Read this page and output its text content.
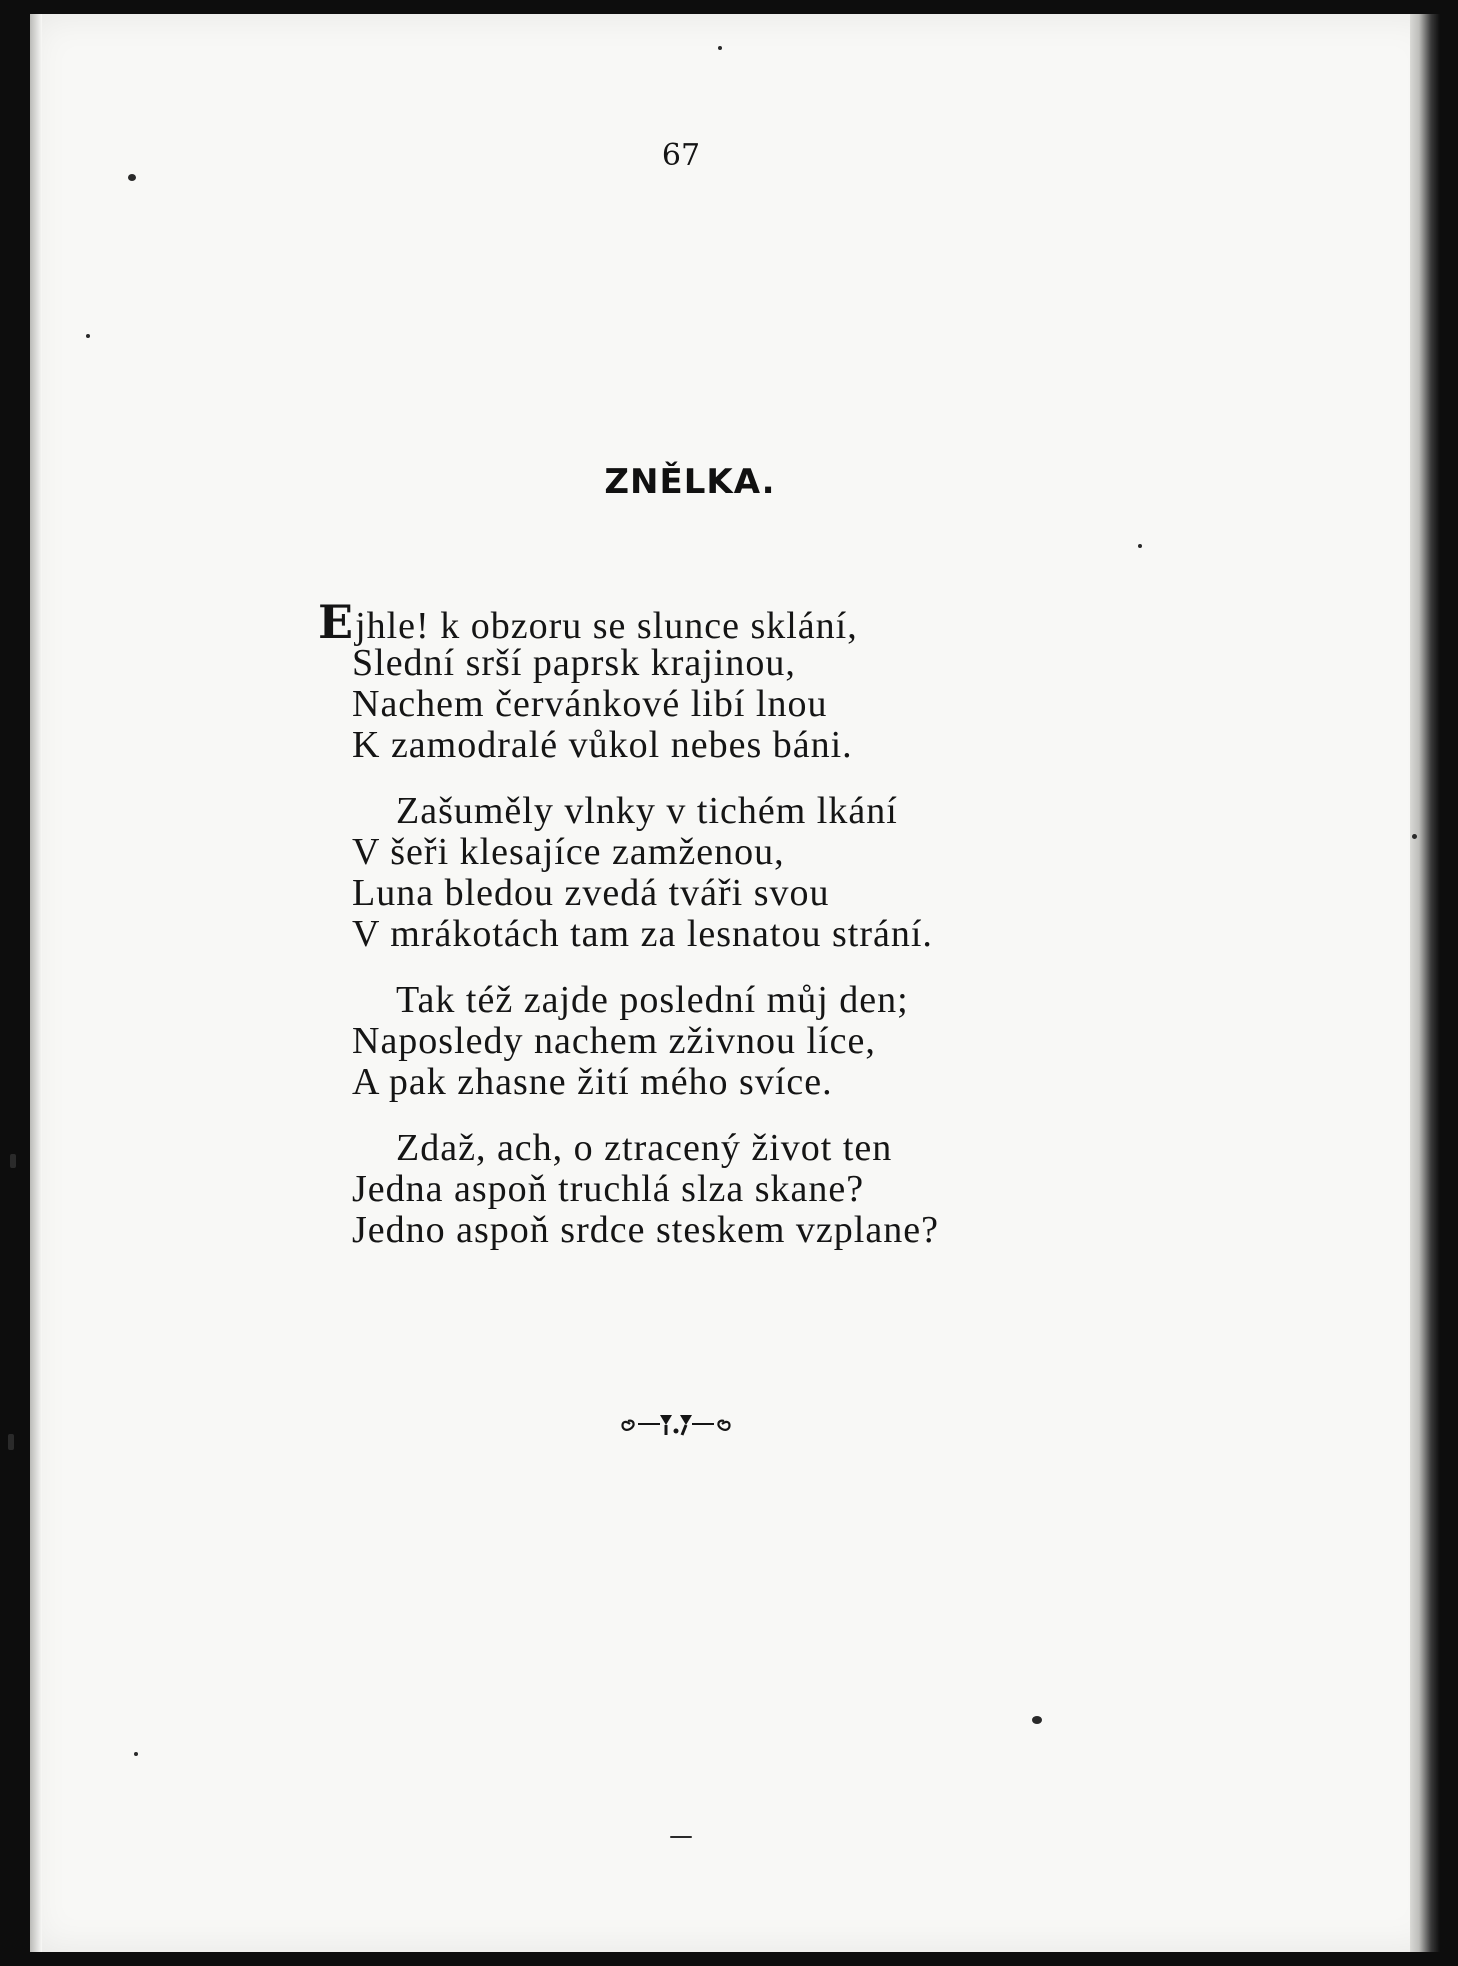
67
ZNĚLKA.
Ejhle! k obzoru se slunce sklání,
Slední srší paprsk krajinou,
Nachem červánkové libí lnou
K zamodralé vůkol nebes báni.
Zašuměly vlnky v tichém lkání
V šeři klesajíce zamženou,
Luna bledou zvedá tváři svou
V mrákotách tam za lesnatou strání.
Tak též zajde poslední můj den;
Naposledy nachem zživnou líce,
A pak zhasne žití mého svíce.
Zdaž, ach, o ztracený život ten
Jedna aspoň truchlá slza skane?
Jedno aspoň srdce steskem vzplane?
